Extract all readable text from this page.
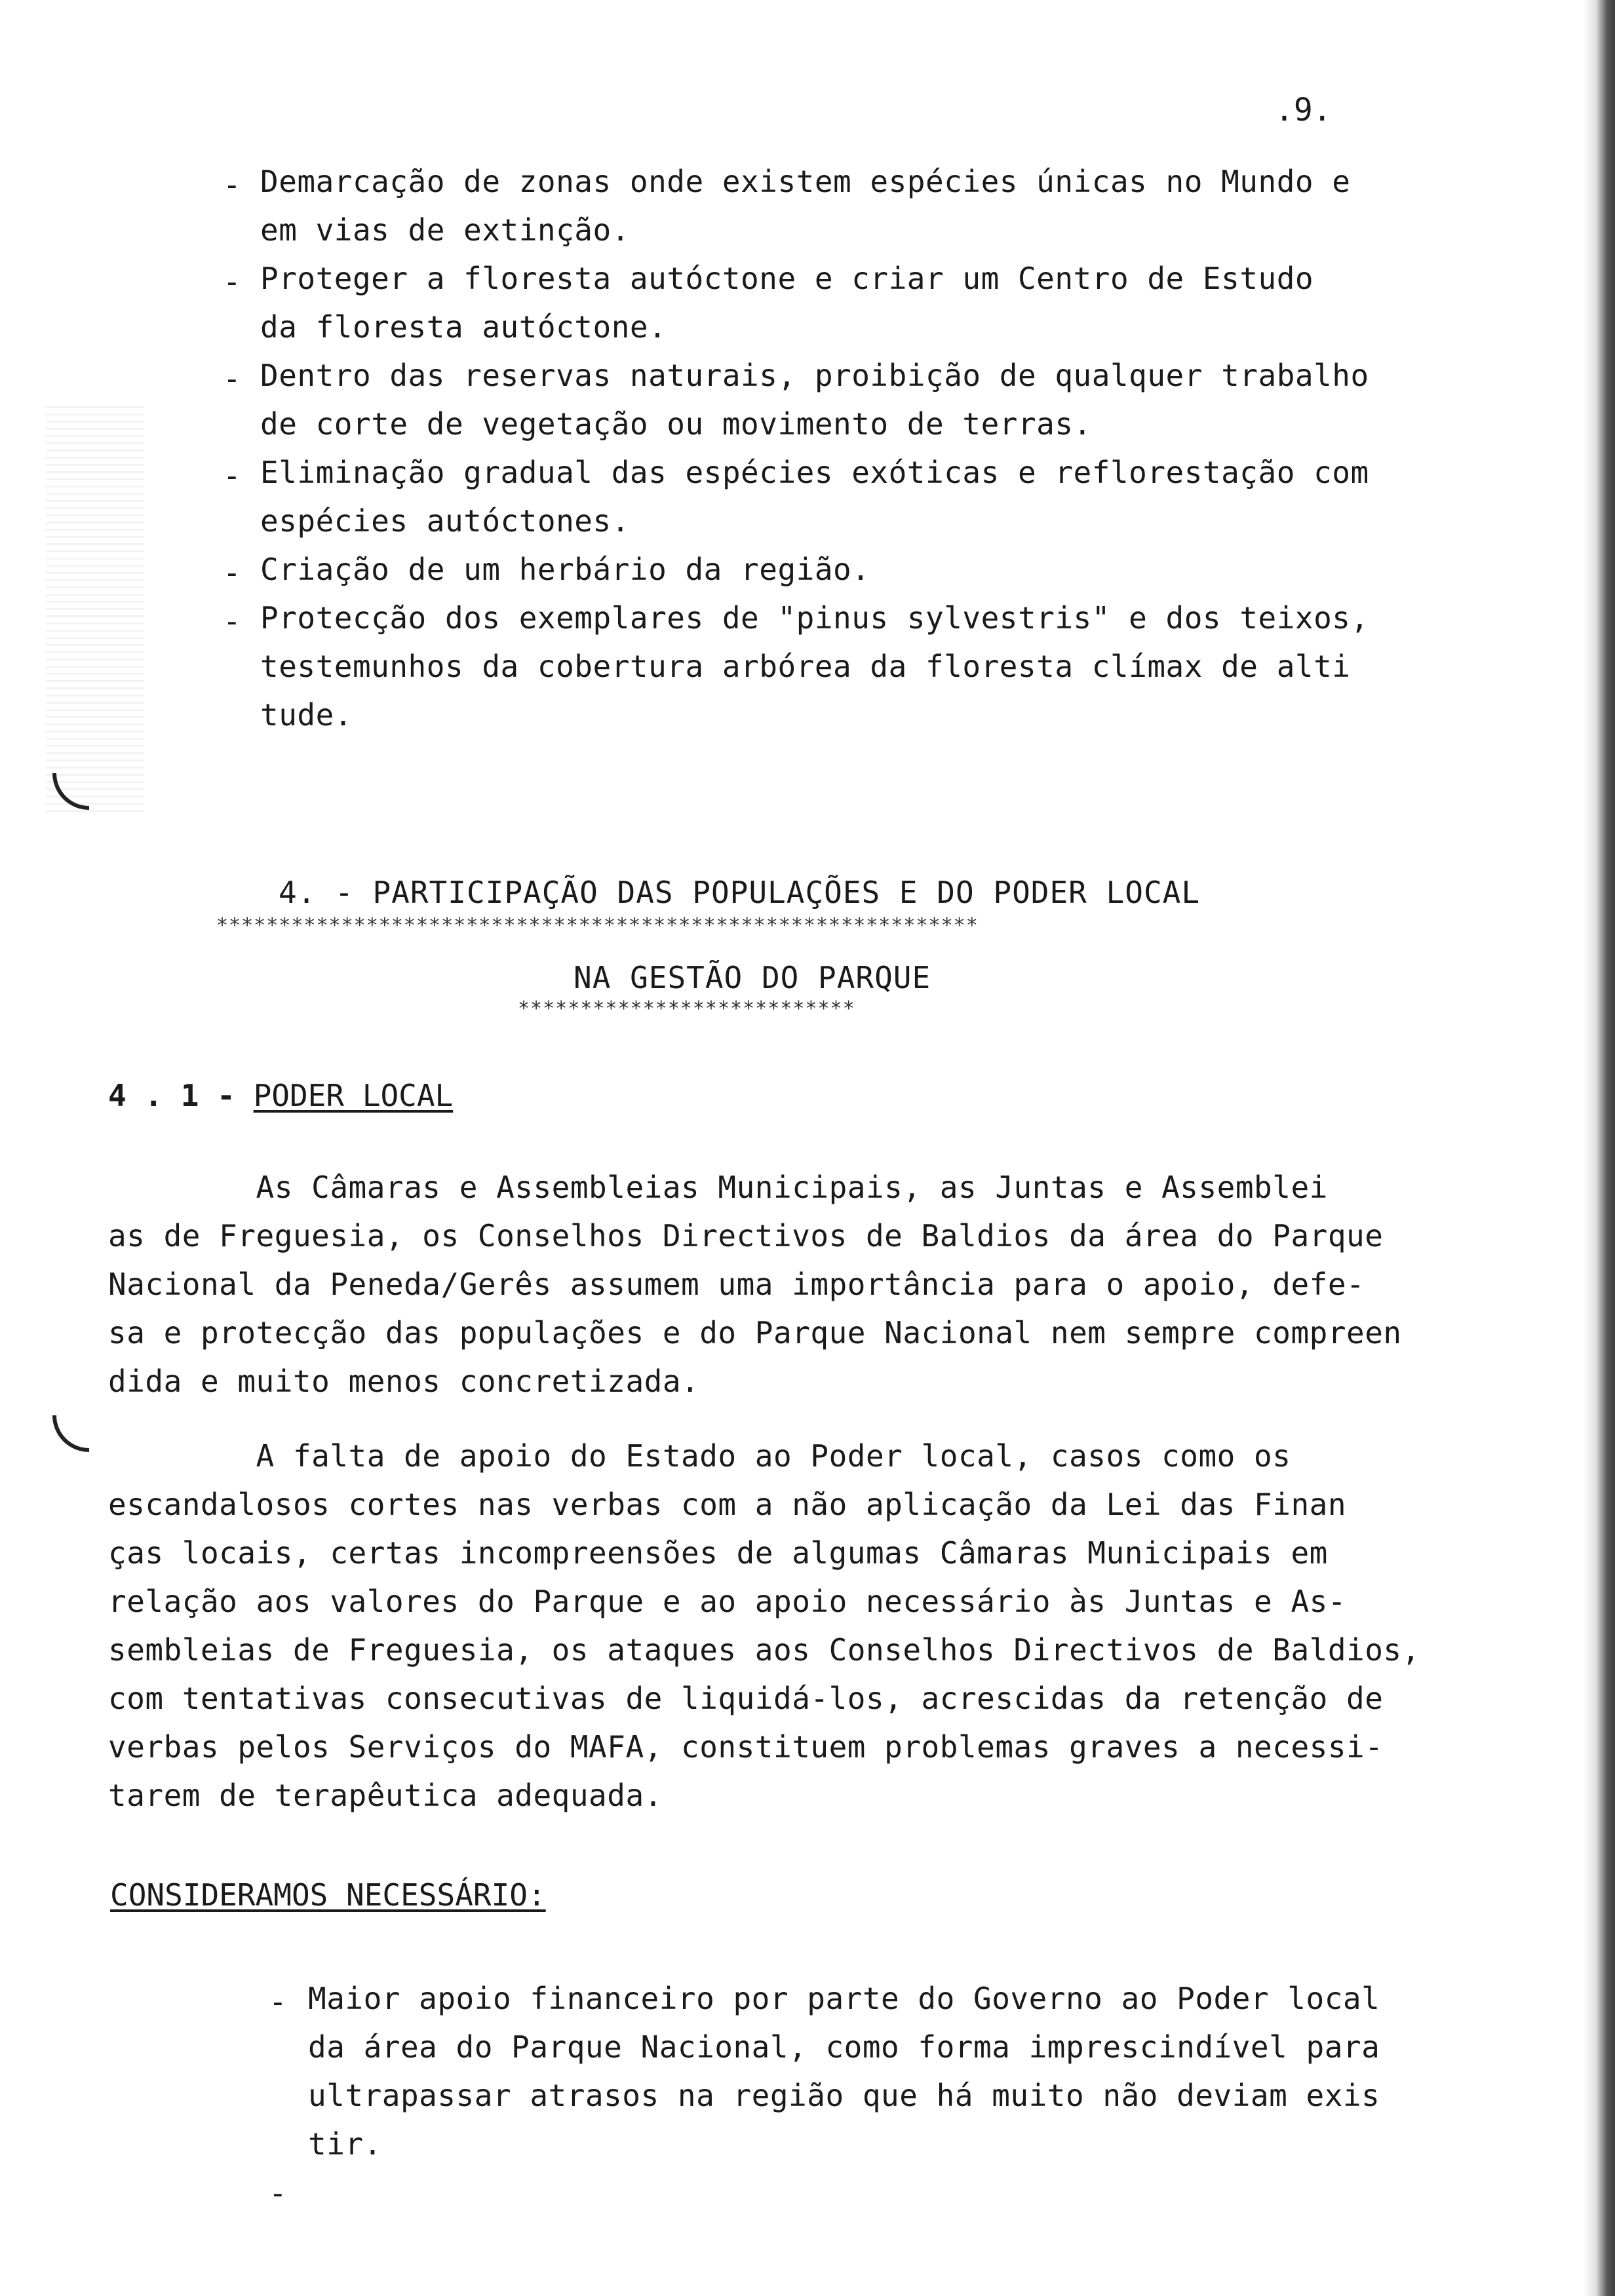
.9.
- Demarcação de zonas onde existem espécies únicas no Mundo e
em vias de extinção.
- Proteger a floresta autóctone e criar um Centro de Estudo
da floresta autóctone.
- Dentro das reservas naturais, proibição de qualquer trabalho
de corte de vegetação ou movimento de terras.
- Eliminação gradual das espécies exóticas e reflorestação com
espécies autóctones.
- Criação de um herbário da região.
- Protecção dos exemplares de "pinus sylvestris" e dos teixos,
testemunhos da cobertura arbórea da floresta clímax de alti
tude.
4. - PARTICIPAÇÃO DAS POPULAÇÕES E DO PODER LOCAL
*************************************************************
NA GESTÃO DO PARQUE
***************************
4 . 1 - PODER LOCAL
As Câmaras e Assembleias Municipais, as Juntas e Assemblei
as de Freguesia, os Conselhos Directivos de Baldios da área do Parque
Nacional da Peneda/Gerês assumem uma importância para o apoio, defe-
sa e protecção das populações e do Parque Nacional nem sempre compreen
dida e muito menos concretizada.
A falta de apoio do Estado ao Poder local, casos como os
escandalosos cortes nas verbas com a não aplicação da Lei das Finan
ças locais, certas incompreensões de algumas Câmaras Municipais em
relação aos valores do Parque e ao apoio necessário às Juntas e As-
sembleias de Freguesia, os ataques aos Conselhos Directivos de Baldios,
com tentativas consecutivas de liquidá-los, acrescidas da retenção de
verbas pelos Serviços do MAFA, constituem problemas graves a necessi-
tarem de terapêutica adequada.
CONSIDERAMOS NECESSÁRIO:
- Maior apoio financeiro por parte do Governo ao Poder local
da área do Parque Nacional, como forma imprescindível para
ultrapassar atrasos na região que há muito não deviam exis
tir.
-
